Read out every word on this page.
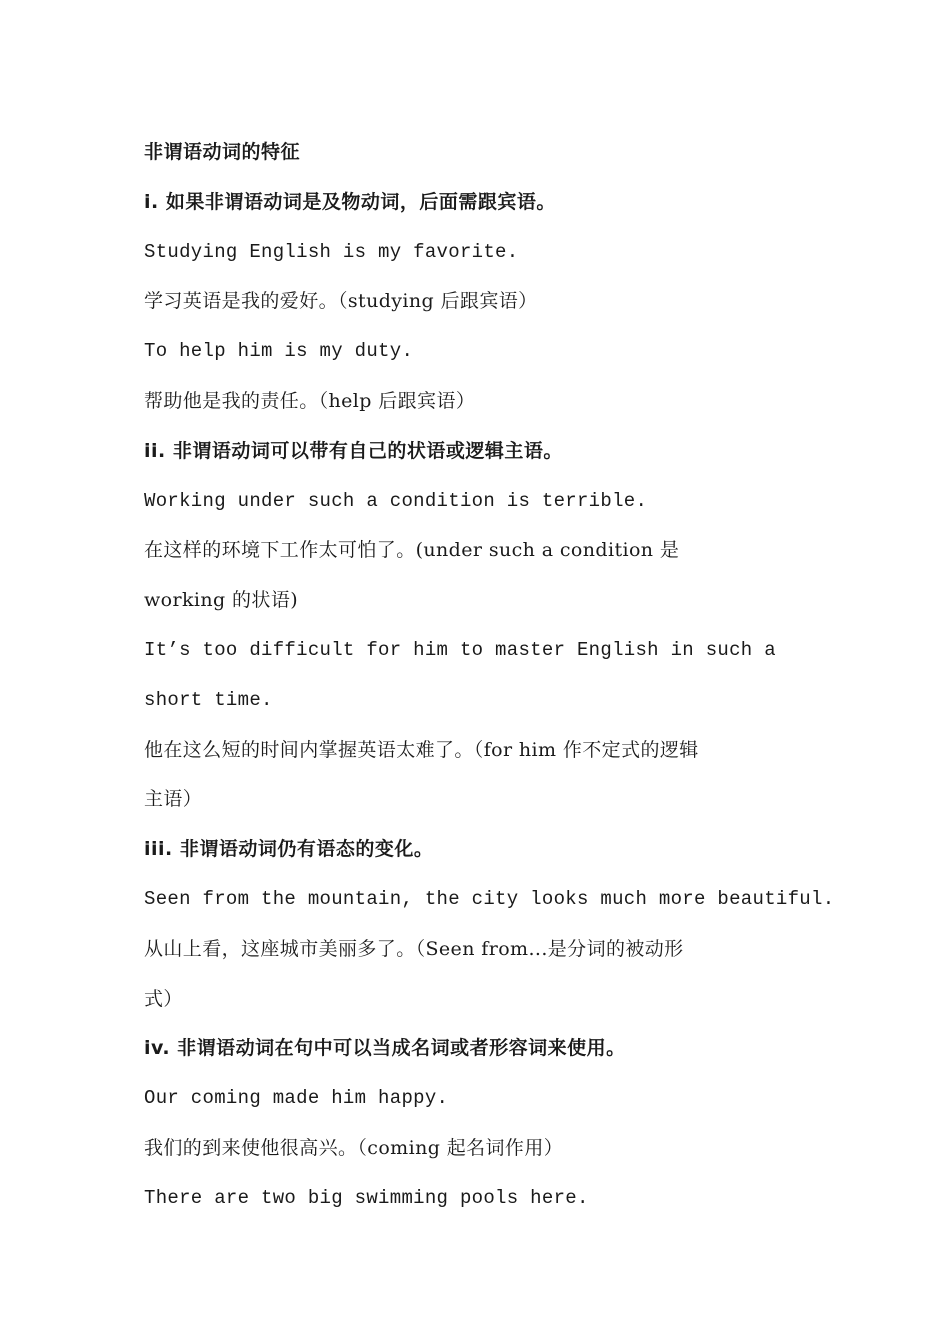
非谓语动词的特征
i. 如果非谓语动词是及物动词，后面需跟宾语。
Studying English is my favorite.
学习英语是我的爱好。（studying 后跟宾语）
To help him is my duty.
帮助他是我的责任。（help 后跟宾语）
ii. 非谓语动词可以带有自己的状语或逻辑主语。
Working under such a condition is terrible.
在这样的环境下工作太可怕了。(under such a condition 是
working 的状语)
It’s too difficult for him to master English in such a
short time.
他在这么短的时间内掌握英语太难了。（for him 作不定式的逻辑
主语）
iii. 非谓语动词仍有语态的变化。
Seen from the mountain, the city looks much more beautiful.
从山上看，这座城市美丽多了。（Seen from...是分词的被动形
式）
iv. 非谓语动词在句中可以当成名词或者形容词来使用。
Our coming made him happy.
我们的到来使他很高兴。（coming 起名词作用）
There are two big swimming pools here.
